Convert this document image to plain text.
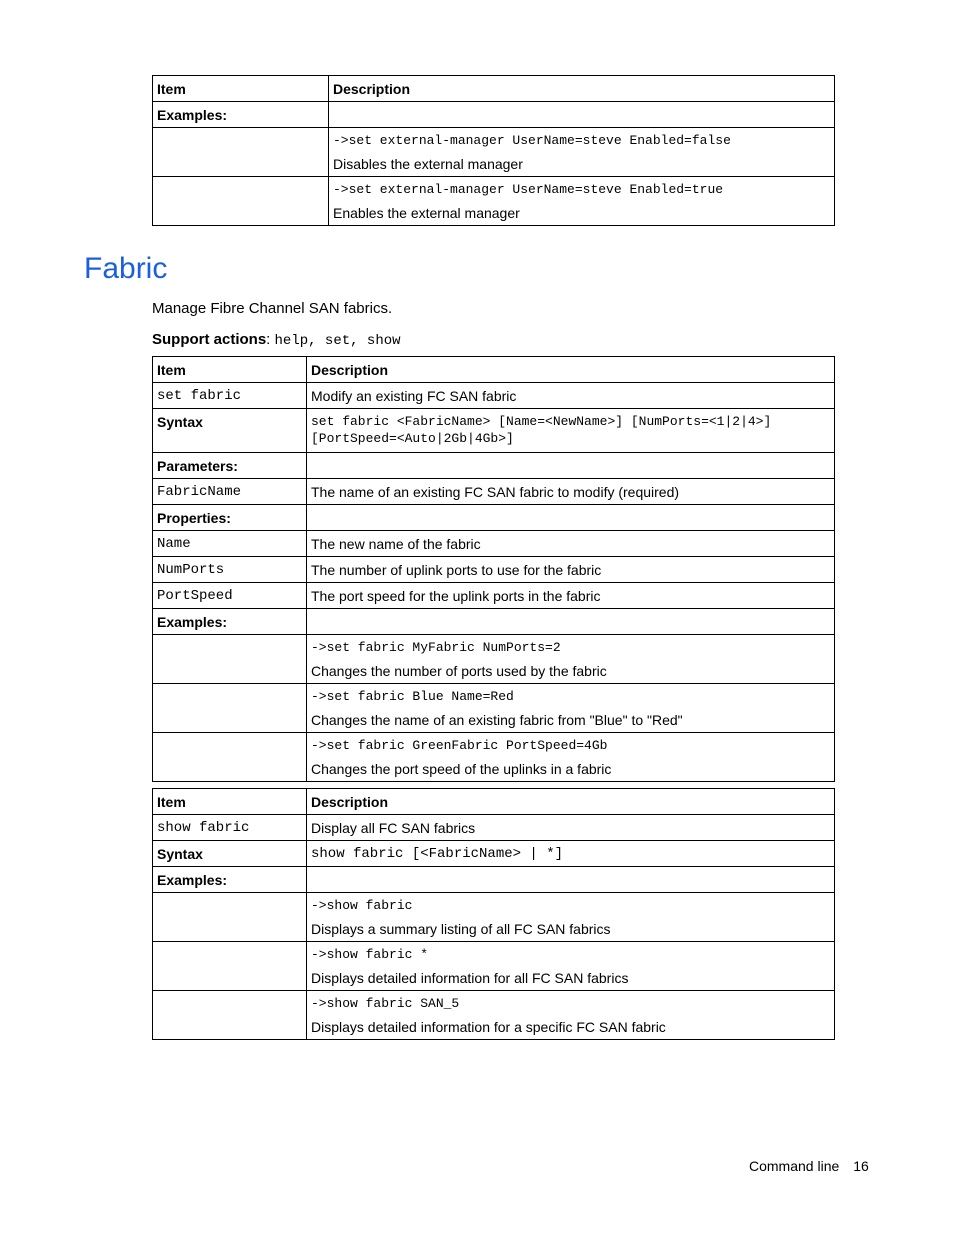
Item	Description
Examples:	

	->set external-manager UserName=steve Enabled=false
Disables the external manager

	->set external-manager UserName=steve Enabled=true
Enables the external manager
Fabric
Manage Fibre Channel SAN fabrics.
Support actions: help, set, show
Item	Description
set fabric	Modify an existing FC SAN fabric
Syntax	set fabric <FabricName> [Name=<NewName>] [NumPorts=<1|2|4>]
[PortSpeed=<Auto|2Gb|4Gb>]

Parameters:	
FabricName	The name of an existing FC SAN fabric to modify (required)
Properties:	
Name	The new name of the fabric
NumPorts	The number of uplink ports to use for the fabric
PortSpeed	The port speed for the uplink ports in the fabric
Examples:	

	->set fabric MyFabric NumPorts=2
Changes the number of ports used by the fabric

	->set fabric Blue Name=Red
Changes the name of an existing fabric from "Blue" to "Red"

	->set fabric GreenFabric PortSpeed=4Gb
Changes the port speed of the uplinks in a fabric
Item	Description
show fabric	Display all FC SAN fabrics
Syntax	show fabric [<FabricName> | *]
Examples:	

	->show fabric
Displays a summary listing of all FC SAN fabrics

	->show fabric *
Displays detailed information for all FC SAN fabrics

	->show fabric SAN_5
Displays detailed information for a specific FC SAN fabric
Command line 16
